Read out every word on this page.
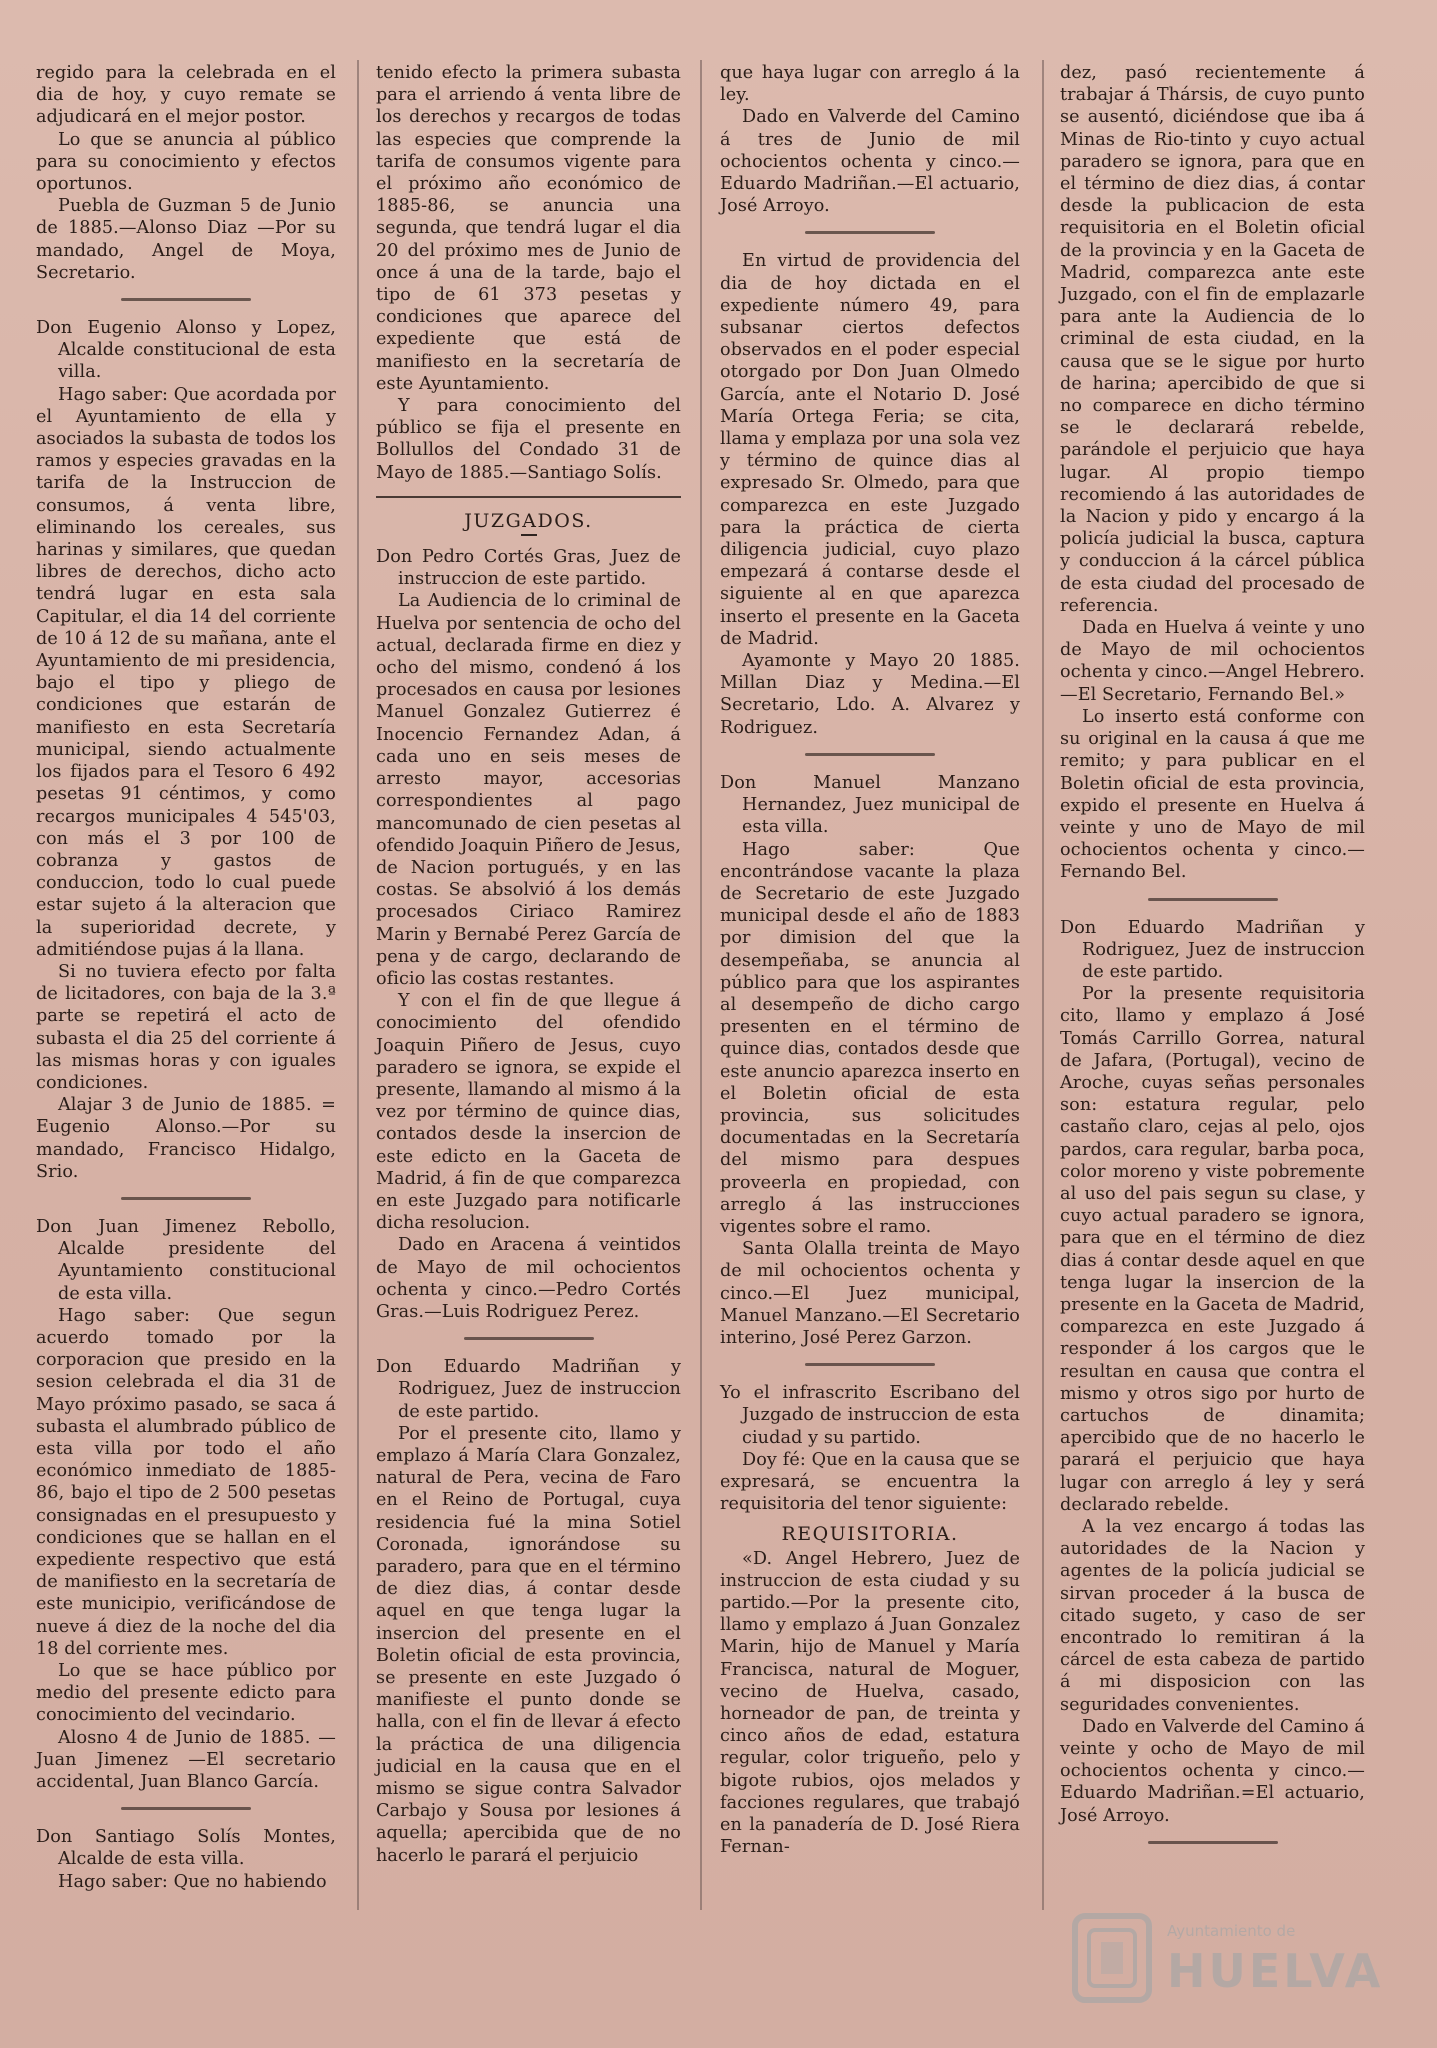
regido para la celebrada en el dia de hoy, y cuyo remate se adjudicará en el mejor postor.

Lo que se anuncia al público para su conocimiento y efectos oportunos.

Puebla de Guzman 5 de Junio de 1885.—Alonso Diaz —Por su mandado, Angel de Moya, Secretario.

Don Eugenio Alonso y Lopez, Alcalde constitucional de esta villa.

Hago saber: Que acordada por el Ayuntamiento de ella y asociados la subasta de todos los ramos y especies gravadas en la tarifa de la Instruccion de consumos, á venta libre, eliminando los cereales, sus harinas y similares, que quedan libres de derechos, dicho acto tendrá lugar en esta sala Capitular, el dia 14 del corriente de 10 á 12 de su mañana, ante el Ayuntamiento de mi presidencia, bajo el tipo y pliego de condiciones que estarán de manifiesto en esta Secretaría municipal, siendo actualmente los fijados para el Tesoro 6 492 pesetas 91 céntimos, y como recargos municipales 4 545'03, con más el 3 por 100 de cobranza y gastos de conduccion, todo lo cual puede estar sujeto á la alteracion que la superioridad decrete, y admitiéndose pujas á la llana.

Si no tuviera efecto por falta de licitadores, con baja de la 3.ª parte se repetirá el acto de subasta el dia 25 del corriente á las mismas horas y con iguales condiciones.

Alajar 3 de Junio de 1885. = Eugenio Alonso.—Por su mandado, Francisco Hidalgo, Srio.

Don Juan Jimenez Rebollo, Alcalde presidente del Ayuntamiento constitucional de esta villa.

Hago saber: Que segun acuerdo tomado por la corporacion que presido en la sesion celebrada el dia 31 de Mayo próximo pasado, se saca á subasta el alumbrado público de esta villa por todo el año económico inmediato de 1885-86, bajo el tipo de 2 500 pesetas consignadas en el presupuesto y condiciones que se hallan en el expediente respectivo que está de manifiesto en la secretaría de este municipio, verificándose de nueve á diez de la noche del dia 18 del corriente mes.

Lo que se hace público por medio del presente edicto para conocimiento del vecindario.

Alosno 4 de Junio de 1885. — Juan Jimenez —El secretario accidental, Juan Blanco García.

Don Santiago Solís Montes, Alcalde de esta villa.

Hago saber: Que no habiendo

tenido efecto la primera subasta para el arriendo á venta libre de los derechos y recargos de todas las especies que comprende la tarifa de consumos vigente para el próximo año económico de 1885-86, se anuncia una segunda, que tendrá lugar el dia 20 del próximo mes de Junio de once á una de la tarde, bajo el tipo de 61 373 pesetas y condiciones que aparece del expediente que está de manifiesto en la secretaría de este Ayuntamiento.

Y para conocimiento del público se fija el presente en Bollullos del Condado 31 de Mayo de 1885.—Santiago Solís.

JUZGADOS.

Don Pedro Cortés Gras, Juez de instruccion de este partido.

La Audiencia de lo criminal de Huelva por sentencia de ocho del actual, declarada firme en diez y ocho del mismo, condenó á los procesados en causa por lesiones Manuel Gonzalez Gutierrez é Inocencio Fernandez Adan, á cada uno en seis meses de arresto mayor, accesorias correspondientes al pago mancomunado de cien pesetas al ofendido Joaquin Piñero de Jesus, de Nacion portugués, y en las costas. Se absolvió á los demás procesados Ciriaco Ramirez Marin y Bernabé Perez García de pena y de cargo, declarando de oficio las costas restantes.

Y con el fin de que llegue á conocimiento del ofendido Joaquin Piñero de Jesus, cuyo paradero se ignora, se expide el presente, llamando al mismo á la vez por término de quince dias, contados desde la insercion de este edicto en la Gaceta de Madrid, á fin de que comparezca en este Juzgado para notificarle dicha resolucion.

Dado en Aracena á veintidos de Mayo de mil ochocientos ochenta y cinco.—Pedro Cortés Gras.—Luis Rodriguez Perez.

Don Eduardo Madriñan y Rodriguez, Juez de instruccion de este partido.

Por el presente cito, llamo y emplazo á María Clara Gonzalez, natural de Pera, vecina de Faro en el Reino de Portugal, cuya residencia fué la mina Sotiel Coronada, ignorándose su paradero, para que en el término de diez dias, á contar desde aquel en que tenga lugar la insercion del presente en el Boletin oficial de esta provincia, se presente en este Juzgado ó manifieste el punto donde se halla, con el fin de llevar á efecto la práctica de una diligencia judicial en la causa que en el mismo se sigue contra Salvador Carbajo y Sousa por lesiones á aquella; apercibida que de no hacerlo le parará el perjuicio

que haya lugar con arreglo á la ley.

Dado en Valverde del Camino á tres de Junio de mil ochocientos ochenta y cinco.—Eduardo Madriñan.—El actuario, José Arroyo.

En virtud de providencia del dia de hoy dictada en el expediente número 49, para subsanar ciertos defectos observados en el poder especial otorgado por Don Juan Olmedo García, ante el Notario D. José María Ortega Feria; se cita, llama y emplaza por una sola vez y término de quince dias al expresado Sr. Olmedo, para que comparezca en este Juzgado para la práctica de cierta diligencia judicial, cuyo plazo empezará á contarse desde el siguiente al en que aparezca inserto el presente en la Gaceta de Madrid.

Ayamonte y Mayo 20 1885. Millan Diaz y Medina.—El Secretario, Ldo. A. Alvarez y Rodriguez.

Don Manuel Manzano Hernandez, Juez municipal de esta villa.

Hago saber: Que encontrándose vacante la plaza de Secretario de este Juzgado municipal desde el año de 1883 por dimision del que la desempeñaba, se anuncia al público para que los aspirantes al desempeño de dicho cargo presenten en el término de quince dias, contados desde que este anuncio aparezca inserto en el Boletin oficial de esta provincia, sus solicitudes documentadas en la Secretaría del mismo para despues proveerla en propiedad, con arreglo á las instrucciones vigentes sobre el ramo.

Santa Olalla treinta de Mayo de mil ochocientos ochenta y cinco.—El Juez municipal, Manuel Manzano.—El Secretario interino, José Perez Garzon.

Yo el infrascrito Escribano del Juzgado de instruccion de esta ciudad y su partido.

Doy fé: Que en la causa que se expresará, se encuentra la requisitoria del tenor siguiente:

REQUISITORIA.

«D. Angel Hebrero, Juez de instruccion de esta ciudad y su partido.—Por la presente cito, llamo y emplazo á Juan Gonzalez Marin, hijo de Manuel y María Francisca, natural de Moguer, vecino de Huelva, casado, horneador de pan, de treinta y cinco años de edad, estatura regular, color trigueño, pelo y bigote rubios, ojos melados y facciones regulares, que trabajó en la panadería de D. José Riera Fernan-

dez, pasó recientemente á trabajar á Thársis, de cuyo punto se ausentó, diciéndose que iba á Minas de Rio-tinto y cuyo actual paradero se ignora, para que en el término de diez dias, á contar desde la publicacion de esta requisitoria en el Boletin oficial de la provincia y en la Gaceta de Madrid, comparezca ante este Juzgado, con el fin de emplazarle para ante la Audiencia de lo criminal de esta ciudad, en la causa que se le sigue por hurto de harina; apercibido de que si no comparece en dicho término se le declarará rebelde, parándole el perjuicio que haya lugar. Al propio tiempo recomiendo á las autoridades de la Nacion y pido y encargo á la policía judicial la busca, captura y conduccion á la cárcel pública de esta ciudad del procesado de referencia.

Dada en Huelva á veinte y uno de Mayo de mil ochocientos ochenta y cinco.—Angel Hebrero.—El Secretario, Fernando Bel.»

Lo inserto está conforme con su original en la causa á que me remito; y para publicar en el Boletin oficial de esta provincia, expido el presente en Huelva á veinte y uno de Mayo de mil ochocientos ochenta y cinco.—Fernando Bel.

Don Eduardo Madriñan y Rodriguez, Juez de instruccion de este partido.

Por la presente requisitoria cito, llamo y emplazo á José Tomás Carrillo Gorrea, natural de Jafara, (Portugal), vecino de Aroche, cuyas señas personales son: estatura regular, pelo castaño claro, cejas al pelo, ojos pardos, cara regular, barba poca, color moreno y viste pobremente al uso del pais segun su clase, y cuyo actual paradero se ignora, para que en el término de diez dias á contar desde aquel en que tenga lugar la insercion de la presente en la Gaceta de Madrid, comparezca en este Juzgado á responder á los cargos que le resultan en causa que contra el mismo y otros sigo por hurto de cartuchos de dinamita; apercibido que de no hacerlo le parará el perjuicio que haya lugar con arreglo á ley y será declarado rebelde.

A la vez encargo á todas las autoridades de la Nacion y agentes de la policía judicial se sirvan proceder á la busca de citado sugeto, y caso de ser encontrado lo remitiran á la cárcel de esta cabeza de partido á mi disposicion con las seguridades convenientes.

Dado en Valverde del Camino á veinte y ocho de Mayo de mil ochocientos ochenta y cinco.—Eduardo Madriñan.=El actuario, José Arroyo.

Ayuntamiento de
HUELVA
